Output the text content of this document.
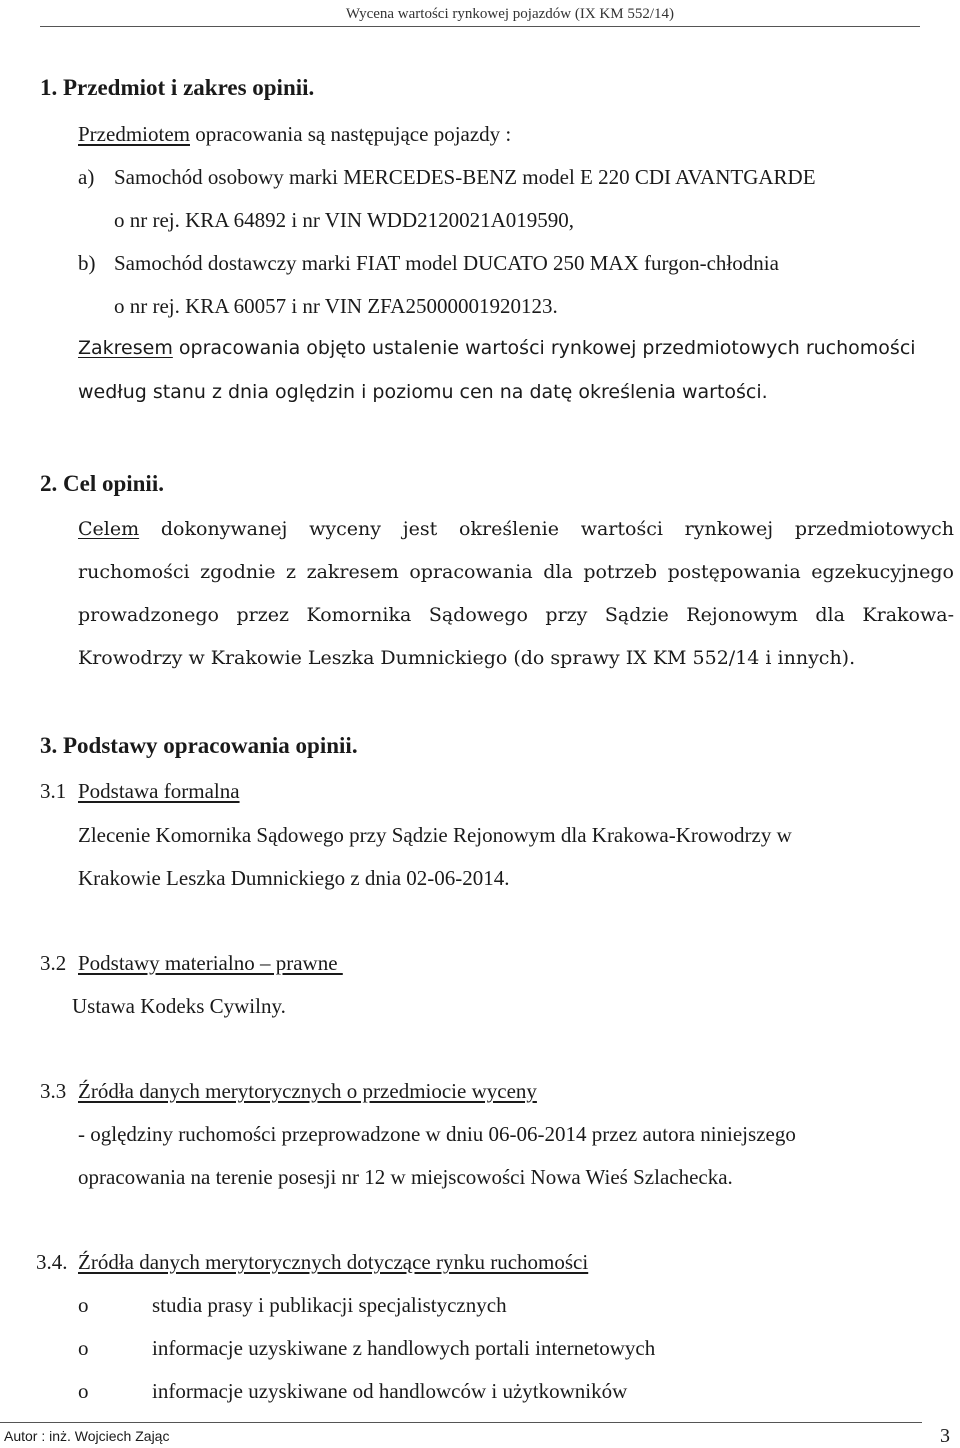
Wycena wartości rynkowej pojazdów (IX KM 552/14)
1. Przedmiot i zakres opinii.
Przedmiotem opracowania są następujące pojazdy :
a) Samochód osobowy marki MERCEDES-BENZ model E 220 CDI AVANTGARDE
o nr rej. KRA 64892 i nr VIN WDD2120021A019590,
b) Samochód dostawczy marki FIAT model DUCATO 250 MAX furgon-chłodnia
o nr rej. KRA 60057 i nr VIN ZFA25000001920123.
Zakresem opracowania objęto ustalenie wartości rynkowej przedmiotowych ruchomości
według stanu z dnia oględzin i poziomu cen na datę określenia wartości.
2. Cel opinii.
Celem dokonywanej wyceny jest określenie wartości rynkowej przedmiotowych ruchomości zgodnie z zakresem opracowania dla potrzeb postępowania egzekucyjnego prowadzonego przez Komornika Sądowego przy Sądzie Rejonowym dla Krakowa-Krowodrzy w Krakowie Leszka Dumnickiego (do sprawy IX KM 552/14 i innych).
3. Podstawy opracowania opinii.
3.1 Podstawa formalna
Zlecenie Komornika Sądowego przy Sądzie Rejonowym dla Krakowa-Krowodrzy w
Krakowie Leszka Dumnickiego z dnia 02-06-2014.
3.2 Podstawy materialno – prawne
Ustawa Kodeks Cywilny.
3.3 Źródła danych merytorycznych o przedmiocie wyceny
- oględziny ruchomości przeprowadzone w dniu 06-06-2014 przez autora niniejszego
opracowania na terenie posesji nr 12 w miejscowości Nowa Wieś Szlachecka.
3.4. Źródła danych merytorycznych dotyczące rynku ruchomości
o	studia prasy i publikacji specjalistycznych
o	informacje uzyskiwane z handlowych portali internetowych
o	informacje uzyskiwane od handlowców i użytkowników
Autor : inż. Wojciech Zając	3
